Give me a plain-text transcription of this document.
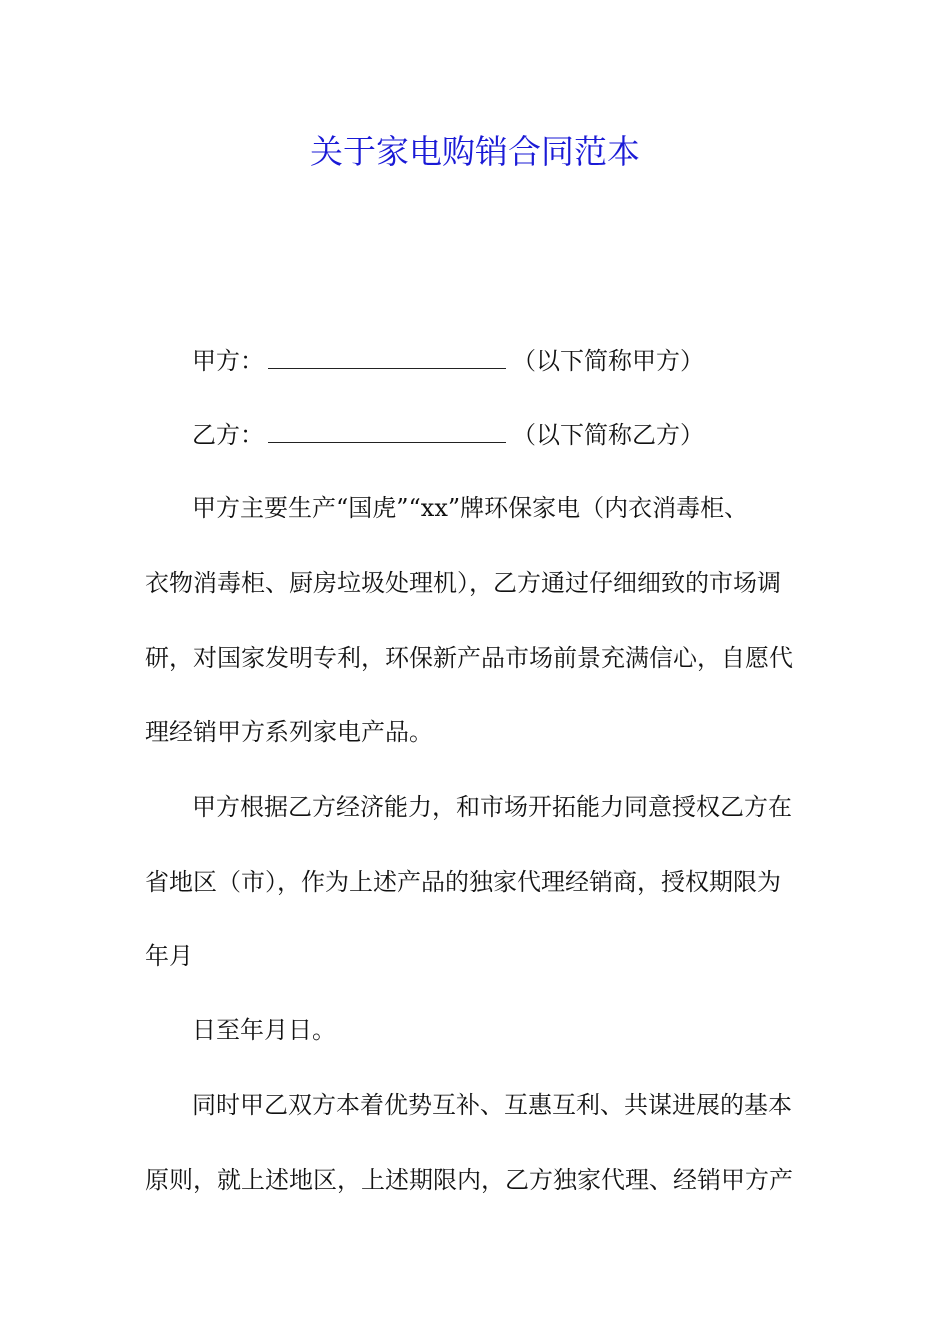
关于家电购销合同范本

甲方：	（以下简称甲方）

乙方：	（以下简称乙方）

甲方主要生产“国虎”“xx”牌环保家电（内衣消毒柜、

衣物消毒柜、厨房垃圾处理机），乙方通过仔细细致的市场调

研，对国家发明专利，环保新产品市场前景充满信心，自愿代

理经销甲方系列家电产品。

甲方根据乙方经济能力，和市场开拓能力同意授权乙方在

省地区（市），作为上述产品的独家代理经销商，授权期限为

年月

日至年月日。

同时甲乙双方本着优势互补、互惠互利、共谋进展的基本

原则，就上述地区，上述期限内，乙方独家代理、经销甲方产
